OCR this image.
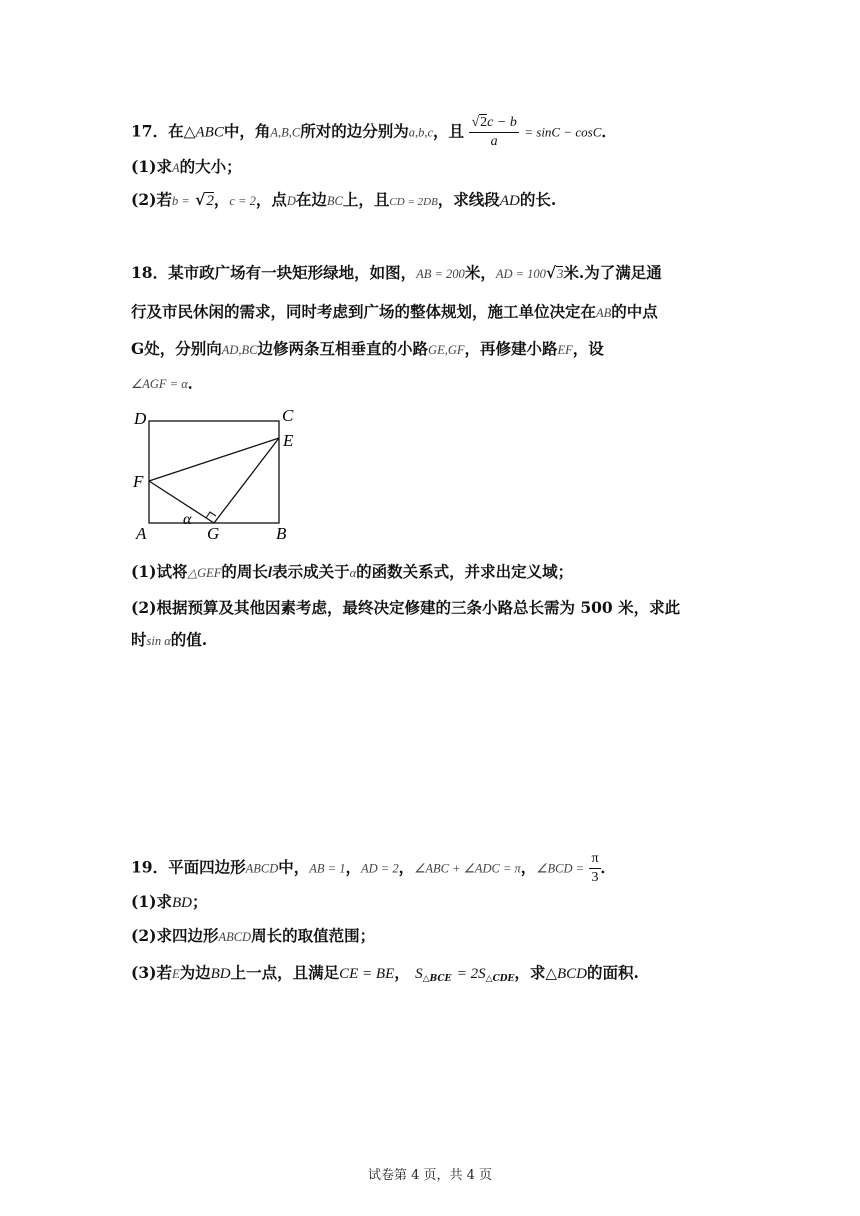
17．在△ABC中，角A,B,C所对的边分别为a,b,c，且 $\frac{√2c - b}{a} = \sin C - \cos C$．
(1)求A的大小；
(2)若b = √2，c = 2，点D在边BC上，且CD = 2DB，求线段AD的长.
18．某市政广场有一块矩形绿地，如图，AB = 200米，AD = 100√3米.为了满足通
行及市民休闲的需求，同时考虑到广场的整体规划，施工单位决定在AB的中点
G处，分别向AD,BC边修两条互相垂直的小路GE,GF，再修建小路EF，设
∠AGF = α．
D	C
E
F
A	G	B
α
(1)试将△GEF的周长l表示成关于α的函数关系式，并求出定义域；
(2)根据预算及其他因素考虑，最终决定修建的三条小路总长需为 500 米，求此
时sin α的值.
19．平面四边形ABCD中，AB = 1，AD = 2，∠ABC + ∠ADC = π，∠BCD = $\frac{\pi}{3}$ ．
(1)求BD；
(2)求四边形ABCD周长的取值范围；
(3)若E为边BD上一点，且满足CE = BE， $S_{\triangle BCE} = 2S_{\triangle CDE}$，求△BCD的面积.
试卷第 4 页，共 4 页
